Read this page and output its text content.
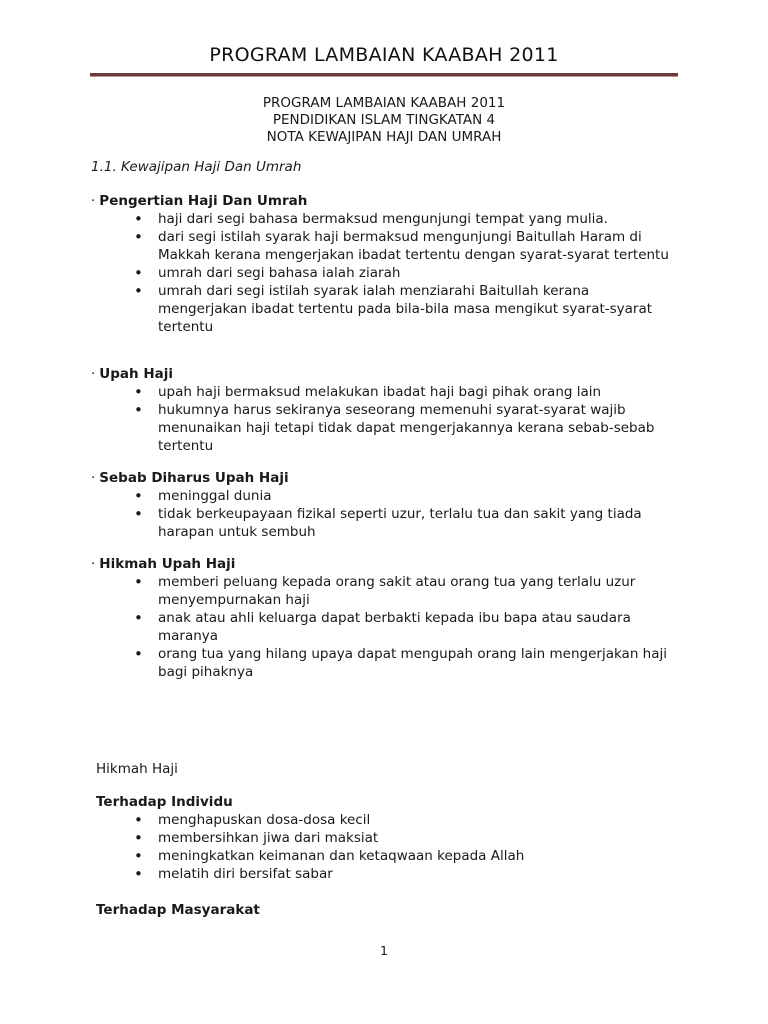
PROGRAM LAMBAIAN KAABAH 2011
PROGRAM LAMBAIAN KAABAH 2011
PENDIDIKAN ISLAM TINGKATAN 4
NOTA KEWAJIPAN HAJI DAN UMRAH
1.1. Kewajipan Haji Dan Umrah
· Pengertian Haji Dan Umrah
• haji dari segi bahasa bermaksud mengunjungi tempat yang mulia.
• dari segi istilah syarak haji bermaksud mengunjungi Baitullah Haram di Makkah kerana mengerjakan ibadat tertentu dengan syarat-syarat tertentu
• umrah dari segi bahasa ialah ziarah
• umrah dari segi istilah syarak ialah menziarahi Baitullah kerana mengerjakan ibadat tertentu pada bila-bila masa mengikut syarat-syarat tertentu
· Upah Haji
• upah haji bermaksud melakukan ibadat haji bagi pihak orang lain
• hukumnya harus sekiranya seseorang memenuhi syarat-syarat wajib menunaikan haji tetapi tidak dapat mengerjakannya kerana sebab-sebab tertentu
· Sebab Diharus Upah Haji
• meninggal dunia
• tidak berkeupayaan fizikal seperti uzur, terlalu tua dan sakit yang tiada harapan untuk sembuh
· Hikmah Upah Haji
• memberi peluang kepada orang sakit atau orang tua yang terlalu uzur menyempurnakan haji
• anak atau ahli keluarga dapat berbakti kepada ibu bapa atau saudara maranya
• orang tua yang hilang upaya dapat mengupah orang lain mengerjakan haji bagi pihaknya
Hikmah Haji
Terhadap Individu
• menghapuskan dosa-dosa kecil
• membersihkan jiwa dari maksiat
• meningkatkan keimanan dan ketaqwaan kepada Allah
• melatih diri bersifat sabar
Terhadap Masyarakat
1
